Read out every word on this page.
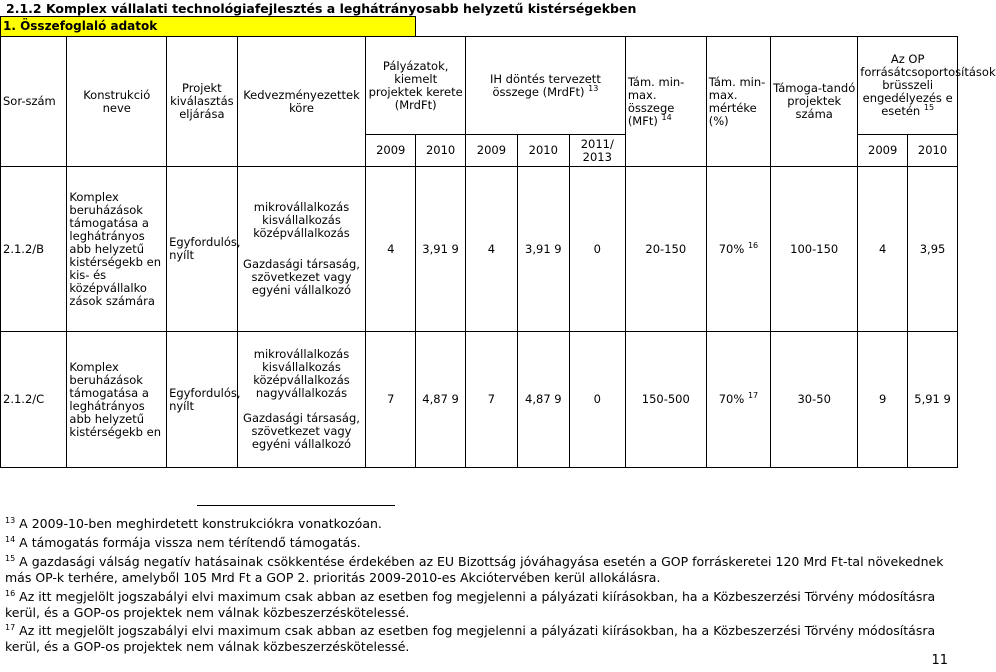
2.1.2 Komplex vállalati technológiafejlesztés a leghátrányosabb helyzetű kistérségekben
1. Összefoglaló adatok													
Sor-szám	Konstrukció neve	Projekt kiválasztás eljárása	Kedvezményezettek köre	Pályázatok, kiemelt projektek kerete (MrdFt)		IH döntés tervezett összege (MrdFt) $^{13}$			Tám. min-max. összege (MFt) $^{14}$	Tám. min-max. mértéke (%)	Támoga-tandó projektek száma	Az OP forrásátcsoportosítások brüsszeli engedélyezés e esetén $^{15}$
				2009	2010	2009	2010	2011/ 2013				2009	2010
2.1.2/B	Komplex beruházások támogatása a leghátrányos abb helyzetű kistérségekb en kis- és középvállalko zások számára	Egyfordulós, nyílt	mikrovállalkozás
kisvállalkozás
középvállalkozás
Gazdasági társaság, szövetkezet vagy egyéni vállalkozó	4	3,91 9	4	3,91 9	0	20-150	70% $^{16}$	100-150	4	3,95
2.1.2/C	Komplex beruházások támogatása a leghátrányos abb helyzetű kistérségekb en	Egyfordulós, nyílt	mikrovállalkozás
kisvállalkozás
középvállalkozás
nagyvállalkozás
Gazdasági társaság, szövetkezet vagy egyéni vállalkozó	7	4,87 9	7	4,87 9	0	150-500	70% $^{17}$	30-50	9	5,91 9

$^{13}$ A 2009-10-ben meghirdetett konstrukciókra vonatkozóan.

$^{14}$ A támogatás formája vissza nem térítendő támogatás.

$^{15}$ A gazdasági válság negatív hatásainak csökkentése érdekében az EU Bizottság jóváhagyása esetén a GOP forráskeretei 120 Mrd Ft-tal növekednek más OP-k terhére, amelyből 105 Mrd Ft a GOP 2. prioritás 2009-2010-es Akciótervében kerül allokálásra.

$^{16}$ Az itt megjelölt jogszabályi elvi maximum csak abban az esetben fog megjelenni a pályázati kiírásokban, ha a Közbeszerzési Törvény módosításra kerül, és a GOP-os projektek nem válnak közbeszerzéskötelessé.

$^{17}$ Az itt megjelölt jogszabályi elvi maximum csak abban az esetben fog megjelenni a pályázati kiírásokban, ha a Közbeszerzési Törvény módosításra kerül, és a GOP-os projektek nem válnak közbeszerzéskötelessé.

11
